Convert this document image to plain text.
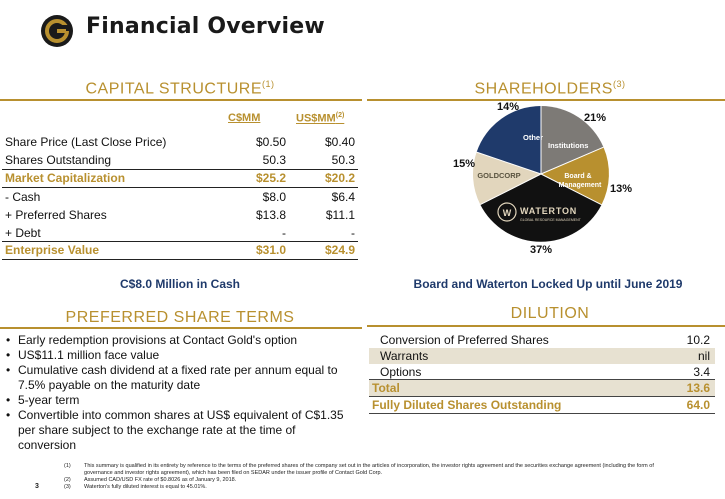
Financial Overview
CAPITAL STRUCTURE$^{(1)}$
C$MM	US$MM$^{(2)}$
Share Price (Last Close Price)	$0.50	$0.40
Shares Outstanding	50.3	50.3
Market Capitalization	$25.2	$20.2
- Cash	$8.0	$6.4
+ Preferred Shares	$13.8	$11.1
+ Debt	-	-
Enterprise Value	$31.0	$24.9
C$8.0 Million in Cash
SHAREHOLDERS$^{(3)}$
Other
Institutions
Board &
Management
GOLDCORP
W WATERTON
GLOBAL RESOURCE MANAGEMENT
14%
21%
13%
15%
37%
Board and Waterton Locked Up until June 2019
PREFERRED SHARE TERMS
• Early redemption provisions at Contact Gold's option
• US$11.1 million face value
• Cumulative cash dividend at a fixed rate per annum equal to 7.5% payable on the maturity date
• 5-year term
• Convertible into common shares at US$ equivalent of C$1.35 per share subject to the exchange rate at the time of conversion
DILUTION
Conversion of Preferred Shares	10.2
Warrants	nil
Options	3.4
Total	13.6
Fully Diluted Shares Outstanding	64.0
(1) This summary is qualified in its entirety by reference to the terms of the preferred shares of the company set out in the articles of incorporation, the investor rights agreement and the securities exchange agreement (including the form of governance and investor rights agreement), which has been filed on SEDAR under the issuer profile of Contact Gold Corp.
(2) Assumed CAD/USD FX rate of $0.8026 as of January 9, 2018.
(3) Waterton's fully diluted interest is equal to 45.01%.
3
